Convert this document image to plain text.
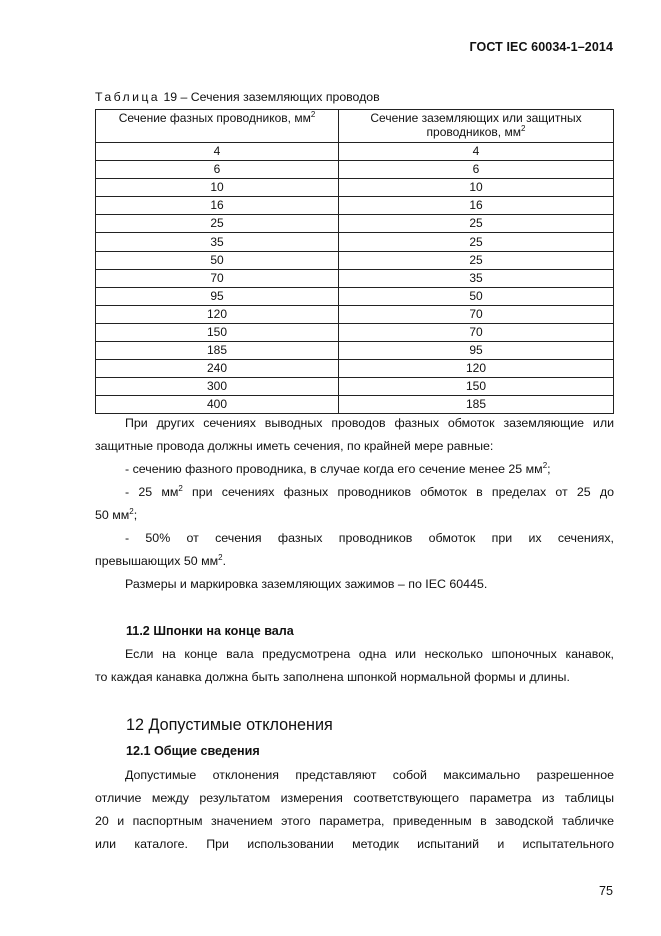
ГОСТ IEC 60034-1–2014
Таблица 19 – Сечения заземляющих проводов
Сечение фазных проводников, $мм^2$	Сечение заземляющих или защитных проводников, $мм^2$
4	4
6	6
10	10
16	16
25	25
35	25
50	25
70	35
95	50
120	70
150	70
185	95
240	120
300	150
400	185
При других сечениях выводных проводов фазных обмоток заземляющие или
защитные провода должны иметь сечения, по крайней мере равные:
- сечению фазного проводника, в случае когда его сечение менее 25 $мм^2$;
- 25 $мм^2$ при сечениях фазных проводников обмоток в пределах от 25 до
50 $мм^2$;
- 50% от сечения фазных проводников обмоток при их сечениях,
превышающих 50 $мм^2$.
Размеры и маркировка заземляющих зажимов – по IEC 60445.
11.2 Шпонки на конце вала
Если на конце вала предусмотрена одна или несколько шпоночных канавок,
то каждая канавка должна быть заполнена шпонкой нормальной формы и длины.
12 Допустимые отклонения
12.1 Общие сведения
Допустимые отклонения представляют собой максимально разрешенное
отличие между результатом измерения соответствующего параметра из таблицы
20 и паспортным значением этого параметра, приведенным в заводской табличке
или каталоге. При использовании методик испытаний и испытательного
75
